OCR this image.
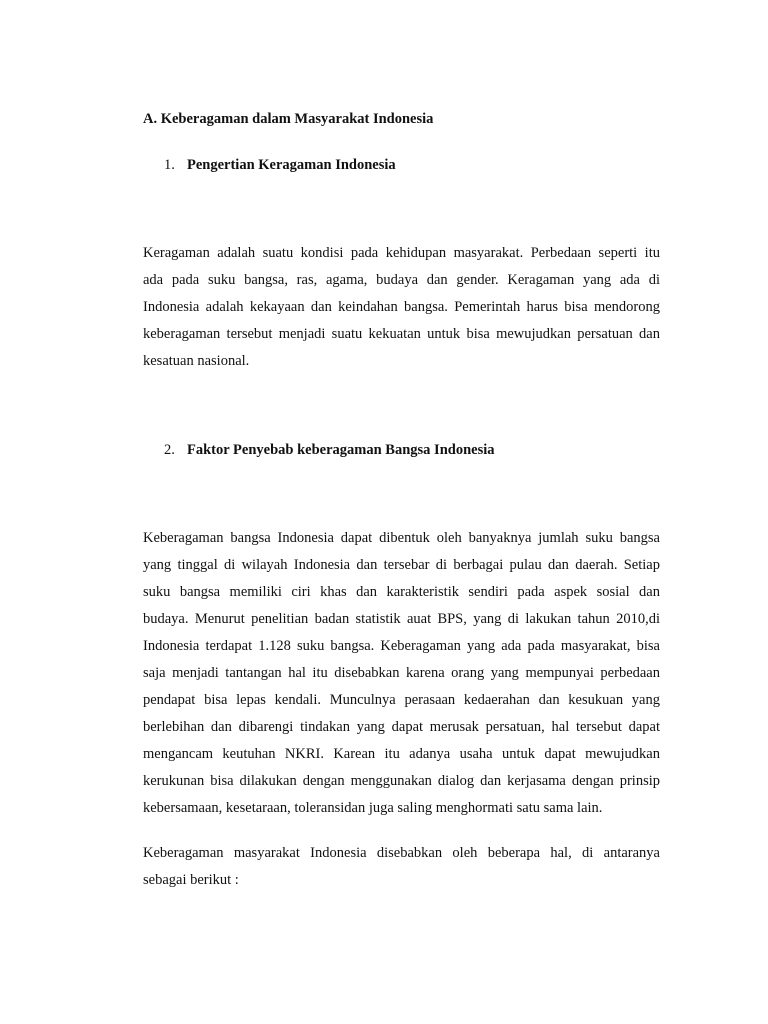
A. Keberagaman dalam Masyarakat Indonesia
1. Pengertian Keragaman Indonesia
Keragaman adalah suatu kondisi pada kehidupan masyarakat. Perbedaan seperti itu
ada pada suku bangsa, ras, agama, budaya dan gender. Keragaman yang ada di
Indonesia adalah kekayaan dan keindahan bangsa. Pemerintah harus bisa mendorong
keberagaman tersebut menjadi suatu kekuatan untuk bisa mewujudkan persatuan dan
kesatuan nasional.
2. Faktor Penyebab keberagaman Bangsa Indonesia
Keberagaman bangsa Indonesia dapat dibentuk oleh banyaknya jumlah suku bangsa
yang tinggal di wilayah Indonesia dan tersebar di berbagai pulau dan daerah. Setiap
suku bangsa memiliki ciri khas dan karakteristik sendiri pada aspek sosial dan
budaya. Menurut penelitian badan statistik auat BPS, yang di lakukan tahun 2010,di
Indonesia terdapat 1.128 suku bangsa. Keberagaman yang ada pada masyarakat, bisa
saja menjadi tantangan hal itu disebabkan karena orang yang mempunyai perbedaan
pendapat bisa lepas kendali. Munculnya perasaan kedaerahan dan kesukuan yang
berlebihan dan dibarengi tindakan yang dapat merusak persatuan, hal tersebut dapat
mengancam keutuhan NKRI. Karean itu adanya usaha untuk dapat mewujudkan
kerukunan bisa dilakukan dengan menggunakan dialog dan kerjasama dengan prinsip
kebersamaan, kesetaraan, toleransidan juga saling menghormati satu sama lain.
Keberagaman masyarakat Indonesia disebabkan oleh beberapa hal, di antaranya
sebagai berikut :
